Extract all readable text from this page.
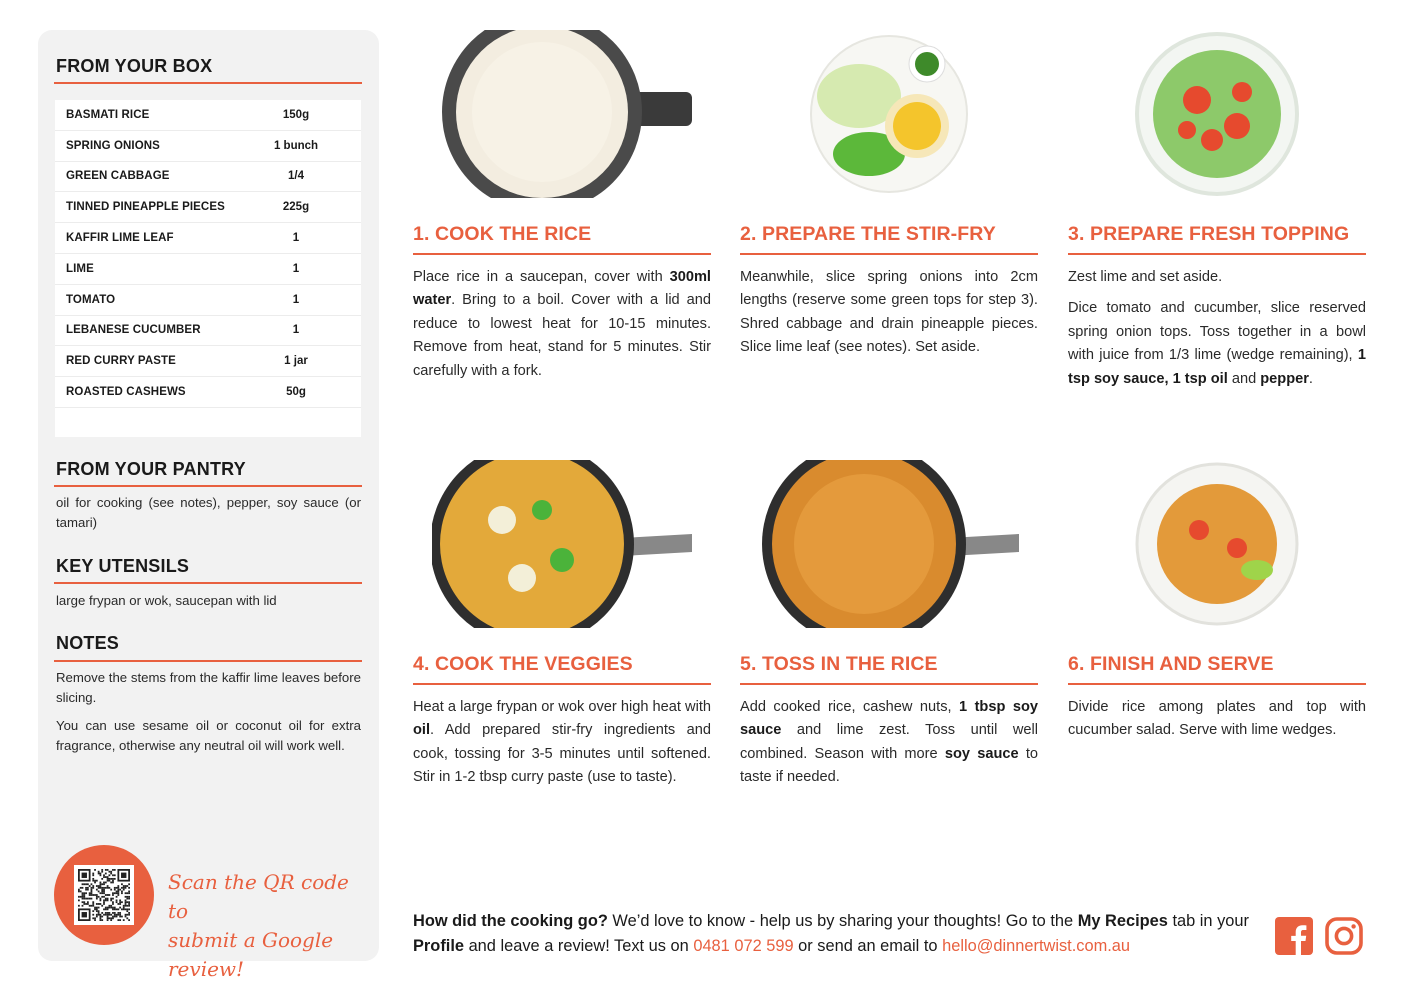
FROM YOUR BOX
BASMATI RICE	150g
SPRING ONIONS	1 bunch
GREEN CABBAGE	1/4
TINNED PINEAPPLE PIECES	225g
KAFFIR LIME LEAF	1
LIME	1
TOMATO	1
LEBANESE CUCUMBER	1
RED CURRY PASTE	1 jar
ROASTED CASHEWS	50g
FROM YOUR PANTRY
oil for cooking (see notes), pepper, soy sauce (or tamari)
KEY UTENSILS
large frypan or wok, saucepan with lid
NOTES
Remove the stems from the kaffir lime leaves before slicing.
You can use sesame oil or coconut oil for extra fragrance, otherwise any neutral oil will work well.
Scan the QR code to
submit a Google review!
1. COOK THE RICE

Place rice in a saucepan, cover with 300ml water. Bring to a boil. Cover with a lid and reduce to lowest heat for 10-15 minutes. Remove from heat, stand for 5 minutes. Stir carefully with a fork.

2. PREPARE THE STIR-FRY

Meanwhile, slice spring onions into 2cm lengths (reserve some green tops for step 3). Shred cabbage and drain pineapple pieces. Slice lime leaf (see notes). Set aside.

3. PREPARE FRESH TOPPING

Zest lime and set aside.

Dice tomato and cucumber, slice reserved spring onion tops. Toss together in a bowl with juice from 1/3 lime (wedge remaining), 1 tsp soy sauce, 1 tsp oil and pepper.

4. COOK THE VEGGIES

Heat a large frypan or wok over high heat with oil. Add prepared stir-fry ingredients and cook, tossing for 3-5 minutes until softened. Stir in 1-2 tbsp curry paste (use to taste).

5. TOSS IN THE RICE

Add cooked rice, cashew nuts, 1 tbsp soy sauce and lime zest. Toss until well combined. Season with more soy sauce to taste if needed.

6. FINISH AND SERVE

Divide rice among plates and top with cucumber salad. Serve with lime wedges.

How did the cooking go? We’d love to know - help us by sharing your thoughts! Go to the My Recipes tab in your Profile and leave a review! Text us on 0481 072 599 or send an email to hello@dinnertwist.com.au
